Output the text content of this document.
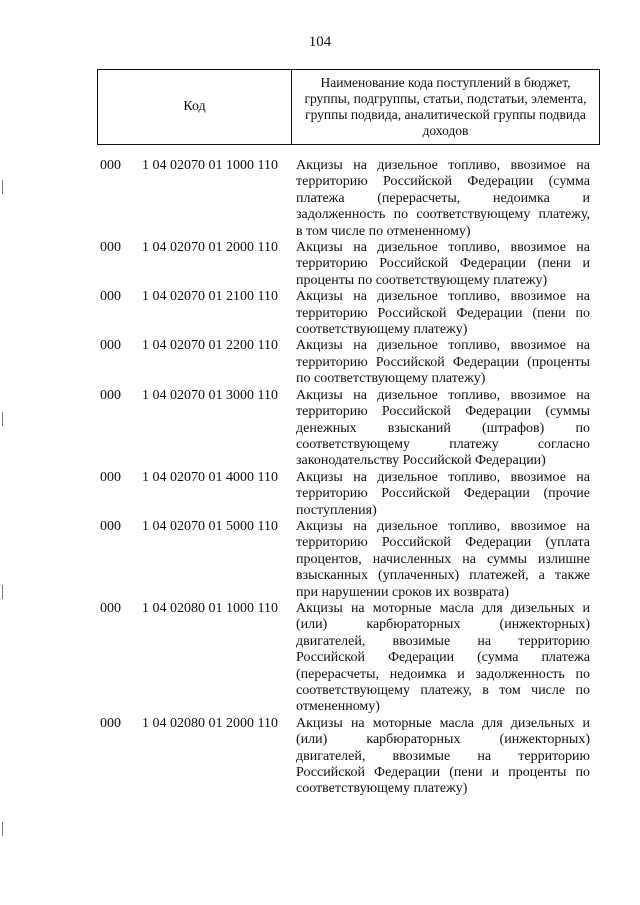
104
Код
Наименование кода поступлений в бюджет, группы, подгруппы, статьи, подстатьи, элемента, группы подвида, аналитической группы подвида доходов
000	1 04 02070 01 1000 110	Акцизы на дизельное топливо, ввозимое на
территорию Российской Федерации (сумма
платежа (перерасчеты, недоимка и
задолженность по соответствующему платежу,
в том числе по отмененному)
000	1 04 02070 01 2000 110	Акцизы на дизельное топливо, ввозимое на
территорию Российской Федерации (пени и
проценты по соответствующему платежу)
000	1 04 02070 01 2100 110	Акцизы на дизельное топливо, ввозимое на
территорию Российской Федерации (пени по
соответствующему платежу)
000	1 04 02070 01 2200 110	Акцизы на дизельное топливо, ввозимое на
территорию Российской Федерации (проценты
по соответствующему платежу)
000	1 04 02070 01 3000 110	Акцизы на дизельное топливо, ввозимое на
территорию Российской Федерации (суммы
денежных взысканий (штрафов) по
соответствующему платежу согласно
законодательству Российской Федерации)
000	1 04 02070 01 4000 110	Акцизы на дизельное топливо, ввозимое на
территорию Российской Федерации (прочие
поступления)
000	1 04 02070 01 5000 110	Акцизы на дизельное топливо, ввозимое на
территорию Российской Федерации (уплата
процентов, начисленных на суммы излишне
взысканных (уплаченных) платежей, а также
при нарушении сроков их возврата)
000	1 04 02080 01 1000 110	Акцизы на моторные масла для дизельных и
(или) карбюраторных (инжекторных)
двигателей, ввозимые на территорию
Российской Федерации (сумма платежа
(перерасчеты, недоимка и задолженность по
соответствующему платежу, в том числе по
отмененному)
000	1 04 02080 01 2000 110	Акцизы на моторные масла для дизельных и
(или) карбюраторных (инжекторных)
двигателей, ввозимые на территорию
Российской Федерации (пени и проценты по
соответствующему платежу)
